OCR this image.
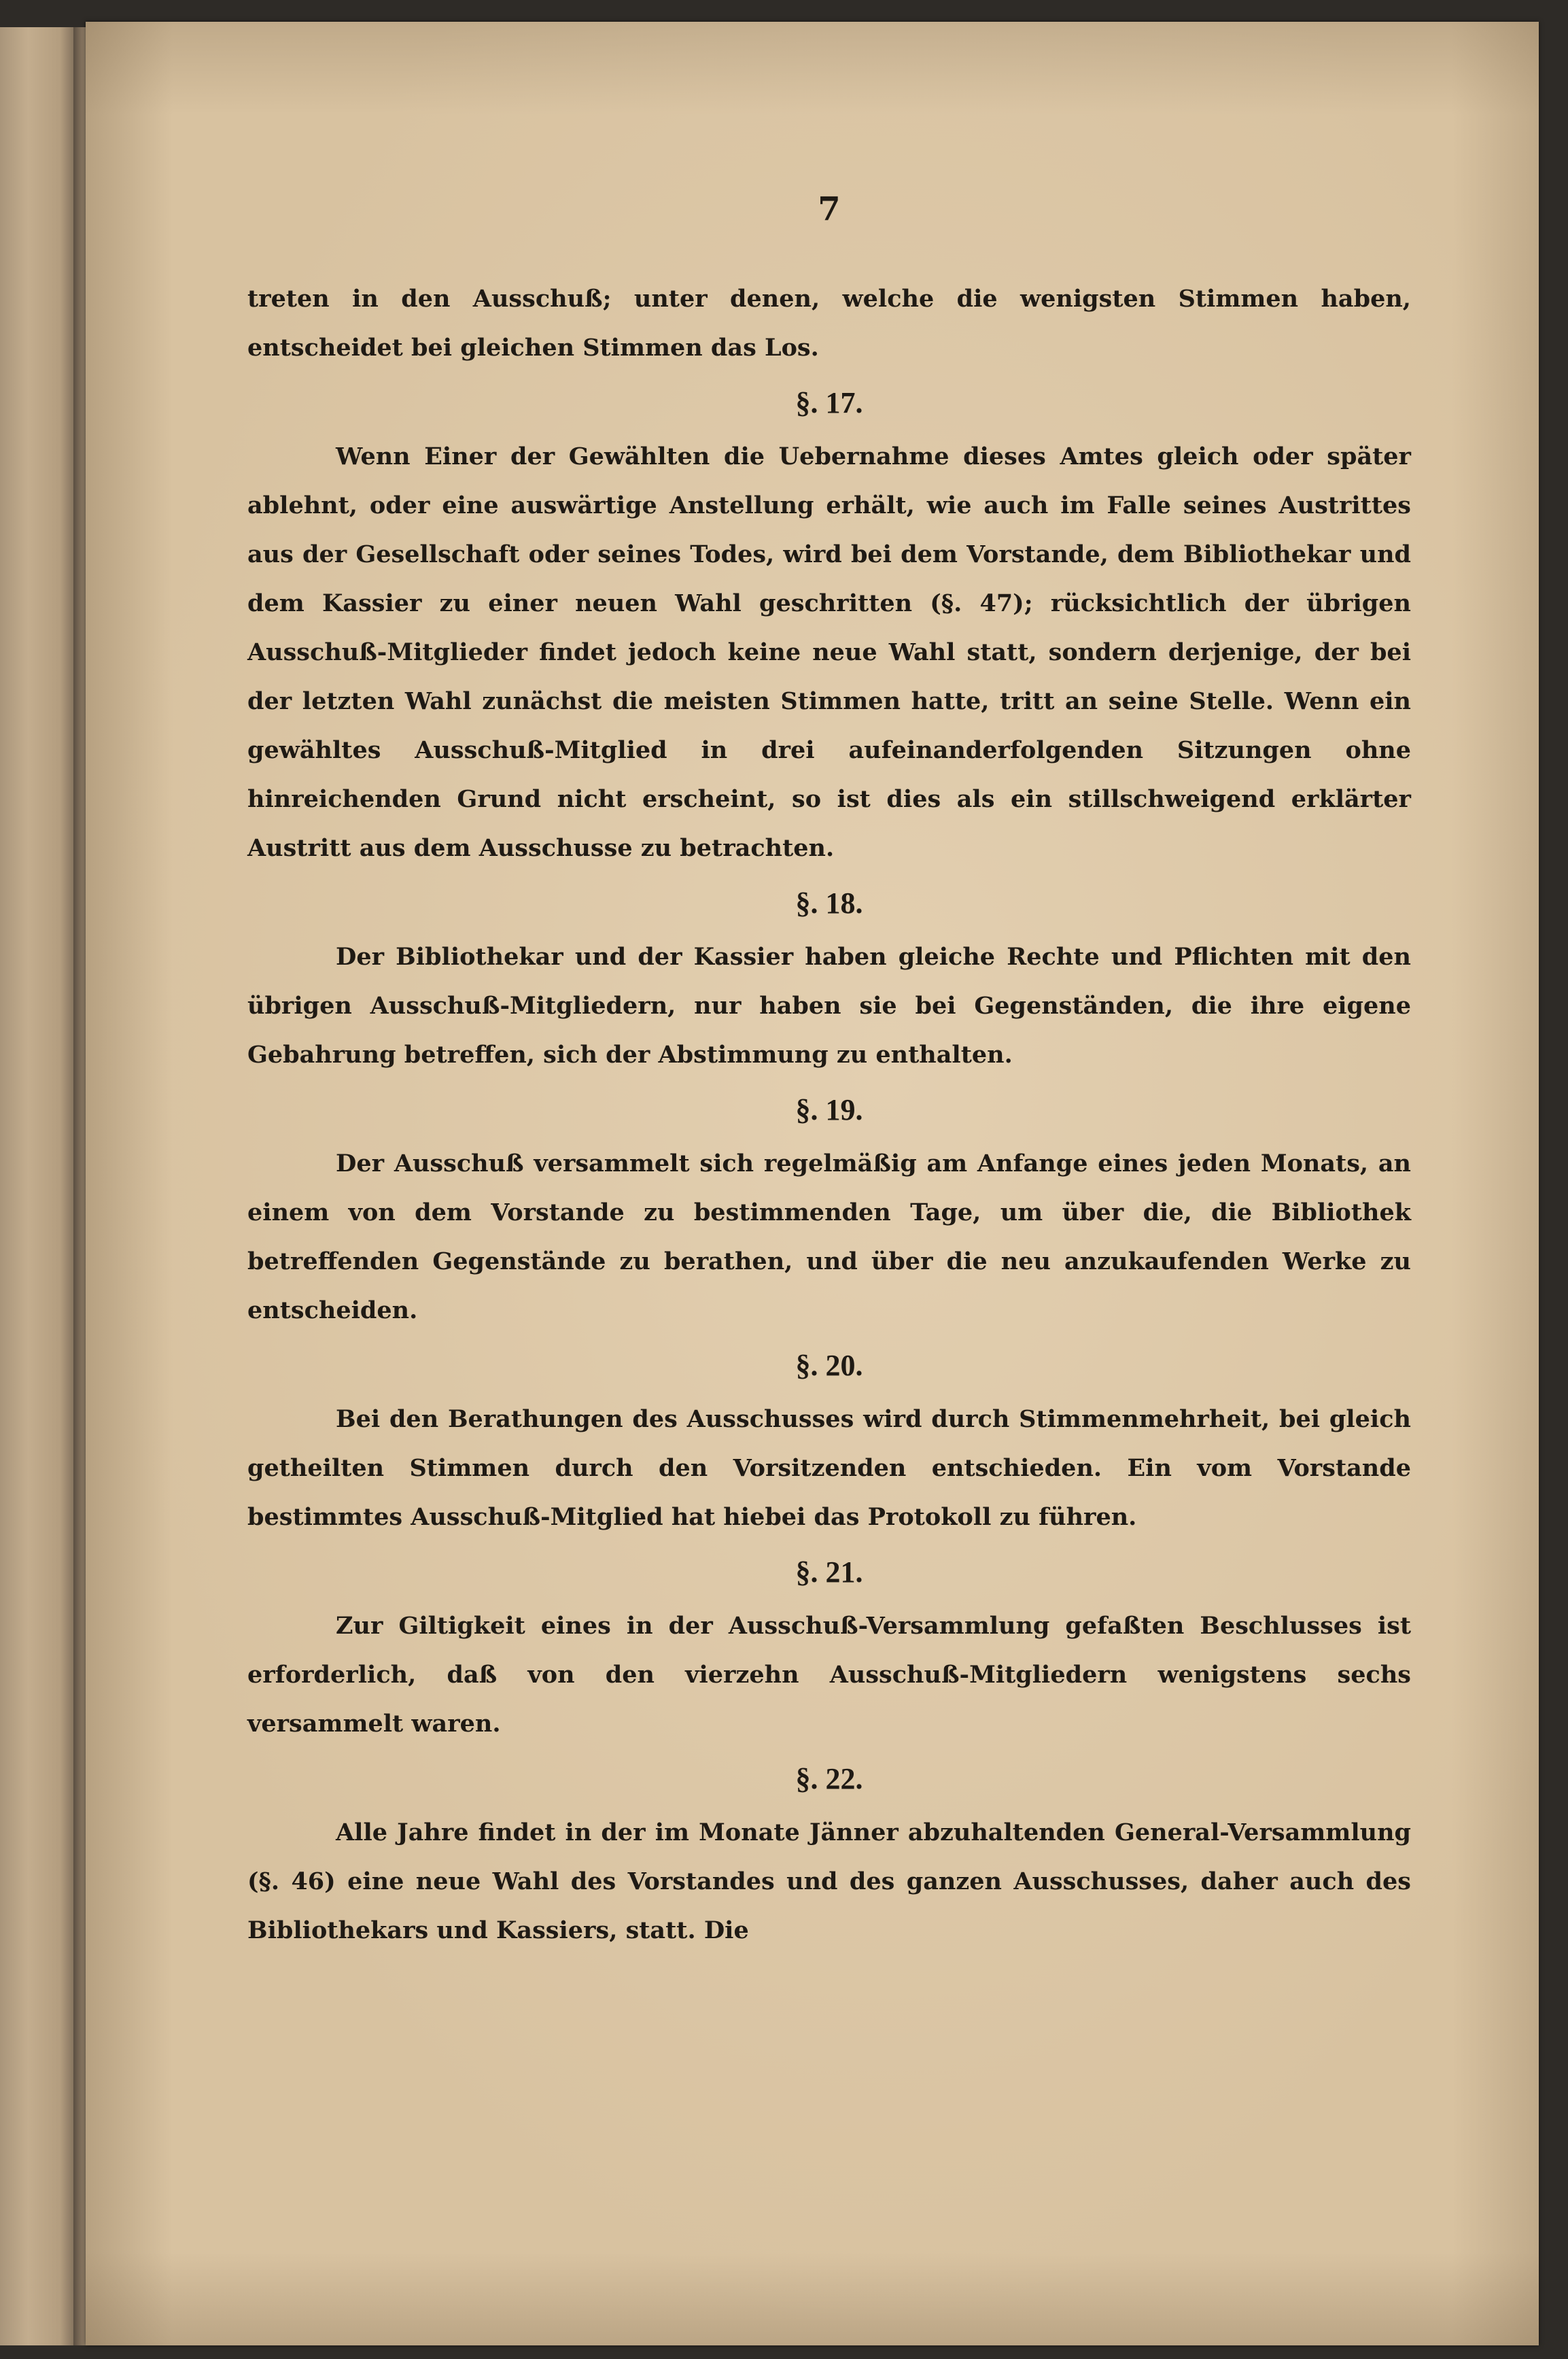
7

treten in den Ausschuß; unter denen, welche die wenigsten Stimmen haben, entscheidet bei gleichen Stimmen das Los.

§. 17.

Wenn Einer der Gewählten die Uebernahme dieses Amtes gleich oder später ablehnt, oder eine auswärtige Anstellung erhält, wie auch im Falle seines Austrittes aus der Gesellschaft oder seines Todes, wird bei dem Vorstande, dem Bibliothekar und dem Kassier zu einer neuen Wahl geschritten (§. 47); rücksichtlich der übrigen Ausschuß-Mitglieder findet jedoch keine neue Wahl statt, sondern derjenige, der bei der letzten Wahl zunächst die meisten Stimmen hatte, tritt an seine Stelle. Wenn ein gewähltes Ausschuß-Mitglied in drei aufeinanderfolgenden Sitzungen ohne hinreichenden Grund nicht erscheint, so ist dies als ein stillschweigend erklärter Austritt aus dem Ausschusse zu betrachten.

§. 18.

Der Bibliothekar und der Kassier haben gleiche Rechte und Pflichten mit den übrigen Ausschuß-Mitgliedern, nur haben sie bei Gegenständen, die ihre eigene Gebahrung betreffen, sich der Abstimmung zu enthalten.

§. 19.

Der Ausschuß versammelt sich regelmäßig am Anfange eines jeden Monats, an einem von dem Vorstande zu bestimmenden Tage, um über die, die Bibliothek betreffenden Gegenstände zu berathen, und über die neu anzukaufenden Werke zu entscheiden.

§. 20.

Bei den Berathungen des Ausschusses wird durch Stimmenmehrheit, bei gleich getheilten Stimmen durch den Vorsitzenden entschieden. Ein vom Vorstande bestimmtes Ausschuß-Mitglied hat hiebei das Protokoll zu führen.

§. 21.

Zur Giltigkeit eines in der Ausschuß-Versammlung gefaßten Beschlusses ist erforderlich, daß von den vierzehn Ausschuß-Mitgliedern wenigstens sechs versammelt waren.

§. 22.

Alle Jahre findet in der im Monate Jänner abzuhaltenden General-Versammlung (§. 46) eine neue Wahl des Vorstandes und des ganzen Ausschusses, daher auch des Bibliothekars und Kassiers, statt. Die
